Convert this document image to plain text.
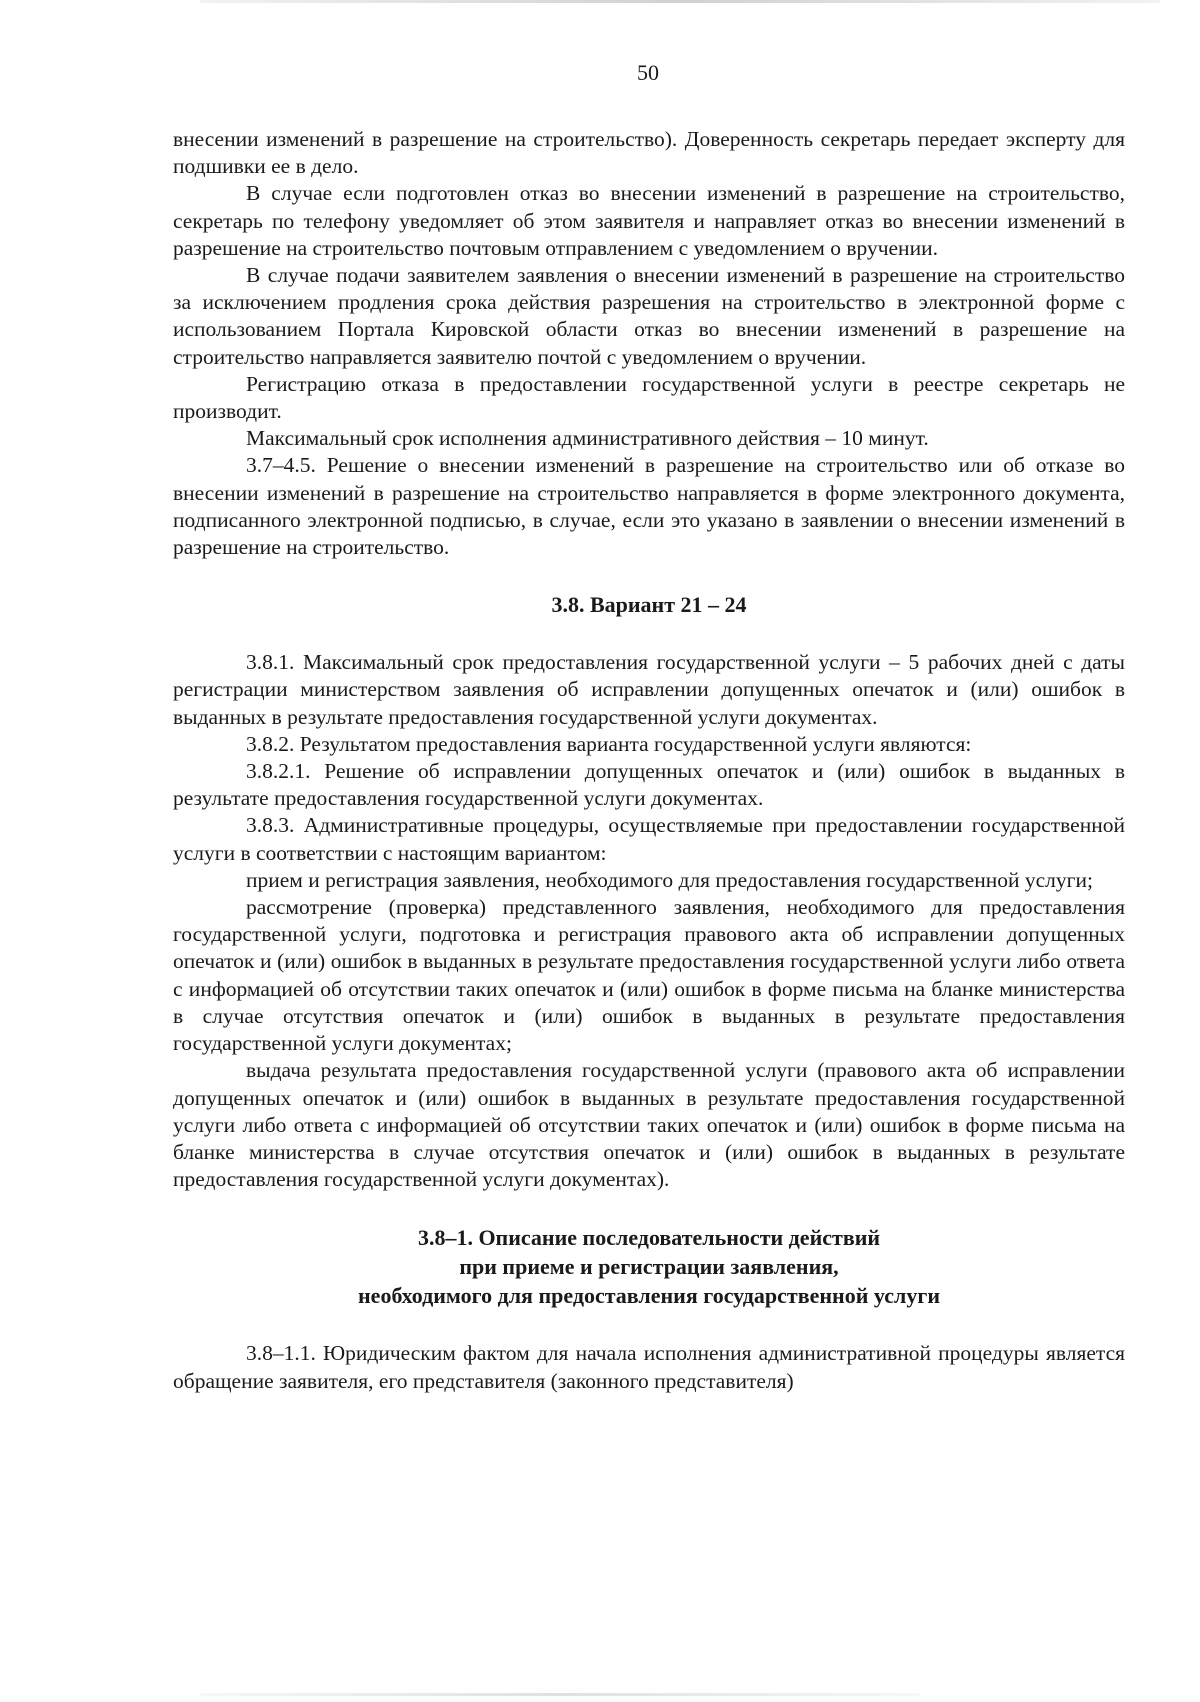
50

внесении изменений в разрешение на строительство). Доверенность секретарь передает эксперту для подшивки ее в дело.

В случае если подготовлен отказ во внесении изменений в разрешение на строительство, секретарь по телефону уведомляет об этом заявителя и направляет отказ во внесении изменений в разрешение на строительство почтовым отправлением с уведомлением о вручении.

В случае подачи заявителем заявления о внесении изменений в разрешение на строительство за исключением продления срока действия разрешения на строительство в электронной форме с использованием Портала Кировской области отказ во внесении изменений в разрешение на строительство направляется заявителю почтой с уведомлением о вручении.

Регистрацию отказа в предоставлении государственной услуги в реестре секретарь не производит.

Максимальный срок исполнения административного действия – 10 минут.

3.7–4.5. Решение о внесении изменений в разрешение на строительство или об отказе во внесении изменений в разрешение на строительство направляется в форме электронного документа, подписанного электронной подписью, в случае, если это указано в заявлении о внесении изменений в разрешение на строительство.

3.8. Вариант 21 – 24

3.8.1. Максимальный срок предоставления государственной услуги – 5 рабочих дней с даты регистрации министерством заявления об исправлении допущенных опечаток и (или) ошибок в выданных в результате предоставления государственной услуги документах.

3.8.2. Результатом предоставления варианта государственной услуги являются:

3.8.2.1. Решение об исправлении допущенных опечаток и (или) ошибок в выданных в результате предоставления государственной услуги документах.

3.8.3. Административные процедуры, осуществляемые при предоставлении государственной услуги в соответствии с настоящим вариантом:

прием и регистрация заявления, необходимого для предоставления государственной услуги;

рассмотрение (проверка) представленного заявления, необходимого для предоставления государственной услуги, подготовка и регистрация правового акта об исправлении допущенных опечаток и (или) ошибок в выданных в результате предоставления государственной услуги либо ответа с информацией об отсутствии таких опечаток и (или) ошибок в форме письма на бланке министерства в случае отсутствия опечаток и (или) ошибок в выданных в результате предоставления государственной услуги документах;

выдача результата предоставления государственной услуги (правового акта об исправлении допущенных опечаток и (или) ошибок в выданных в результате предоставления государственной услуги либо ответа с информацией об отсутствии таких опечаток и (или) ошибок в форме письма на бланке министерства в случае отсутствия опечаток и (или) ошибок в выданных в результате предоставления государственной услуги документах).

3.8–1. Описание последовательности действий
при приеме и регистрации заявления,
необходимого для предоставления государственной услуги

3.8–1.1. Юридическим фактом для начала исполнения административной процедуры является обращение заявителя, его представителя (законного представителя)
